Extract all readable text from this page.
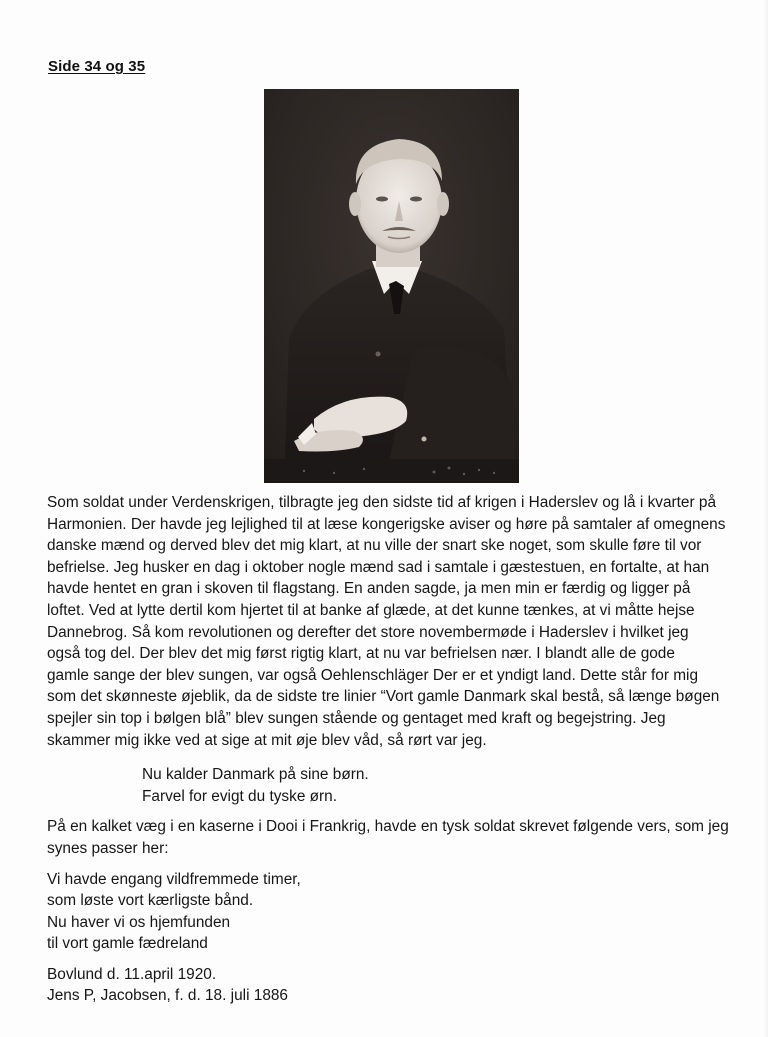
Side 34 og 35

Som soldat under Verdenskrigen, tilbragte jeg den sidste tid af krigen i Haderslev og lå i kvarter på
Harmonien. Der havde jeg lejlighed til at læse kongerigske aviser og høre på samtaler af omegnens
danske mænd og derved blev det mig klart, at nu ville der snart ske noget, som skulle føre til vor
befrielse. Jeg husker en dag i oktober nogle mænd sad i samtale i gæstestuen, en fortalte, at han
havde hentet en gran i skoven til flagstang. En anden sagde, ja men min er færdig og ligger på
loftet. Ved at lytte dertil kom hjertet til at banke af glæde, at det kunne tænkes, at vi måtte hejse
Dannebrog. Så kom revolutionen og derefter det store novembermøde i Haderslev i hvilket jeg
også tog del. Der blev det mig først rigtig klart, at nu var befrielsen nær. I blandt alle de gode
gamle sange der blev sungen, var også Oehlenschläger Der er et yndigt land. Dette står for mig
som det skønneste øjeblik, da de sidste tre linier “Vort gamle Danmark skal bestå, så længe bøgen
spejler sin top i bølgen blå” blev sungen stående og gentaget med kraft og begejstring. Jeg
skammer mig ikke ved at sige at mit øje blev våd, så rørt var jeg.

Nu kalder Danmark på sine børn.
Farvel for evigt du tyske ørn.

På en kalket væg i en kaserne i Dooi i Frankrig, havde en tysk soldat skrevet følgende vers, som jeg
synes passer her:

Vi havde engang vildfremmede timer,
som løste vort kærligste bånd.
Nu haver vi os hjemfunden
til vort gamle fædreland

Bovlund d. 11.april 1920.
Jens P, Jacobsen, f. d. 18. juli 1886
